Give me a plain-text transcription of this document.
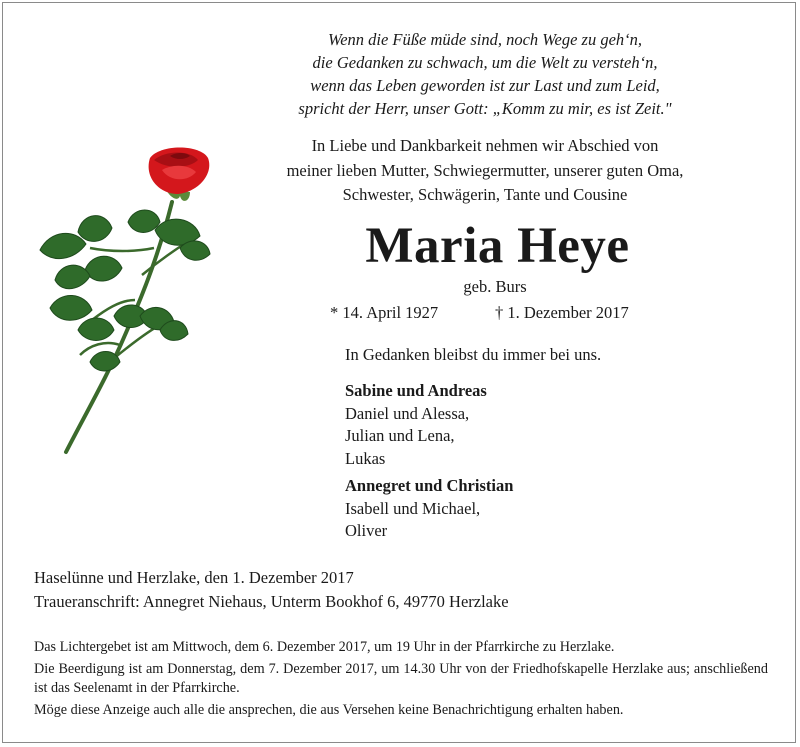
Wenn die Füße müde sind, noch Wege zu geh‘n,
die Gedanken zu schwach, um die Welt zu versteh‘n,
wenn das Leben geworden ist zur Last und zum Leid,
spricht der Herr, unser Gott: „Komm zu mir, es ist Zeit."
In Liebe und Dankbarkeit nehmen wir Abschied von
meiner lieben Mutter, Schwiegermutter, unserer guten Oma,
Schwester, Schwägerin, Tante und Cousine
Maria Heye
geb. Burs
* 14. April 1927	† 1. Dezember 2017
In Gedanken bleibst du immer bei uns.
Sabine und Andreas
Daniel und Alessa,
Julian und Lena,
Lukas
Annegret und Christian
Isabell und Michael,
Oliver
Haselünne und Herzlake, den 1. Dezember 2017
Traueranschrift: Annegret Niehaus, Unterm Bookhof 6, 49770 Herzlake

Das Lichtergebet ist am Mittwoch, dem 6. Dezember 2017, um 19 Uhr in der Pfarrkirche zu Herzlake.

Die Beerdigung ist am Donnerstag, dem 7. Dezember 2017, um 14.30 Uhr von der Friedhofskapelle Herzlake aus; anschließend ist das Seelenamt in der Pfarrkirche.

Möge diese Anzeige auch alle die ansprechen, die aus Versehen keine Benachrichtigung erhalten haben.
